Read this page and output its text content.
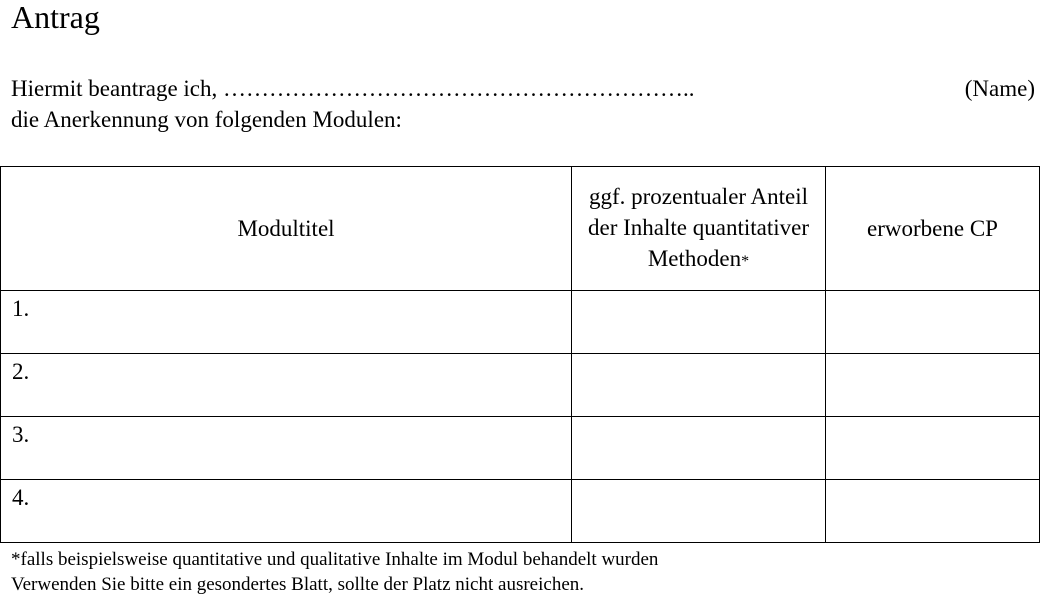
Antrag
Hiermit beantrage ich, ……………………………………………………..	(Name)
die Anerkennung von folgenden Modulen:
Modultitel	ggf. prozentualer Anteil der Inhalte quantitativer Methoden*	erworbene CP
1.		
2.		
3.		
4.		
*falls beispielsweise quantitative und qualitative Inhalte im Modul behandelt wurden
Verwenden Sie bitte ein gesondertes Blatt, sollte der Platz nicht ausreichen.
